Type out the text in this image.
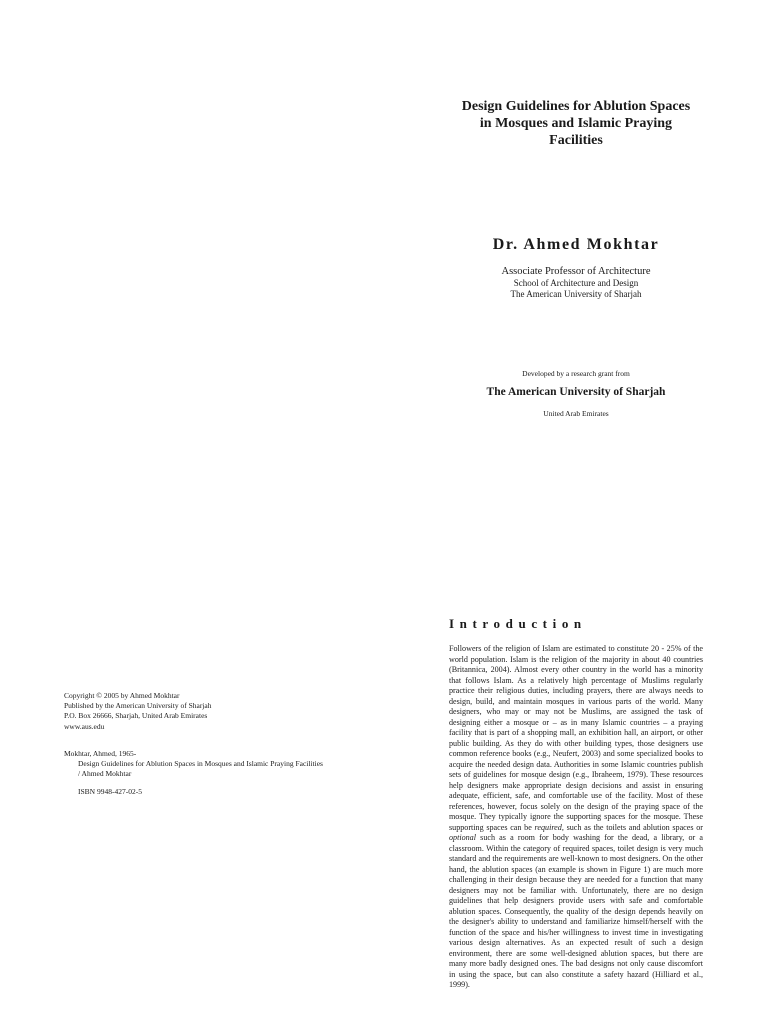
Design Guidelines for Ablution Spaces
in Mosques and Islamic Praying
Facilities
Dr. Ahmed Mokhtar
Associate Professor of Architecture
School of Architecture and Design
The American University of Sharjah
Developed by a research grant from
The American University of Sharjah
United Arab Emirates
Introduction
Followers of the religion of Islam are estimated to constitute 20 - 25% of the world population. Islam is the religion of the majority in about 40 countries (Britannica, 2004). Almost every other country in the world has a minority that follows Islam. As a relatively high percentage of Muslims regularly practice their religious duties, including prayers, there are always needs to design, build, and maintain mosques in various parts of the world. Many designers, who may or may not be Muslims, are assigned the task of designing either a mosque or – as in many Islamic countries – a praying facility that is part of a shopping mall, an exhibition hall, an airport, or other public building. As they do with other building types, those designers use common reference books (e.g., Neufert, 2003) and some specialized books to acquire the needed design data. Authorities in some Islamic countries publish sets of guidelines for mosque design (e.g., Ibraheem, 1979). These resources help designers make appropriate design decisions and assist in ensuring adequate, efficient, safe, and comfortable use of the facility. Most of these references, however, focus solely on the design of the praying space of the mosque. They typically ignore the supporting spaces for the mosque. These supporting spaces can be required, such as the toilets and ablution spaces or optional such as a room for body washing for the dead, a library, or a classroom. Within the category of required spaces, toilet design is very much standard and the requirements are well-known to most designers. On the other hand, the ablution spaces (an example is shown in Figure 1) are much more challenging in their design because they are needed for a function that many designers may not be familiar with. Unfortunately, there are no design guidelines that help designers provide users with safe and comfortable ablution spaces. Consequently, the quality of the design depends heavily on the designer's ability to understand and familiarize himself/herself with the function of the space and his/her willingness to invest time in investigating various design alternatives. As an expected result of such a design environment, there are some well-designed ablution spaces, but there are many more badly designed ones. The bad designs not only cause discomfort in using the space, but can also constitute a safety hazard (Hilliard et al., 1999).
Copyright © 2005 by Ahmed Mokhtar
Published by the American University of Sharjah
P.O. Box 26666, Sharjah, United Arab Emirates
www.aus.edu
Mokhtar, Ahmed, 1965-
Design Guidelines for Ablution Spaces in Mosques and Islamic Praying Facilities / Ahmed Mokhtar
ISBN 9948-427-02-5
